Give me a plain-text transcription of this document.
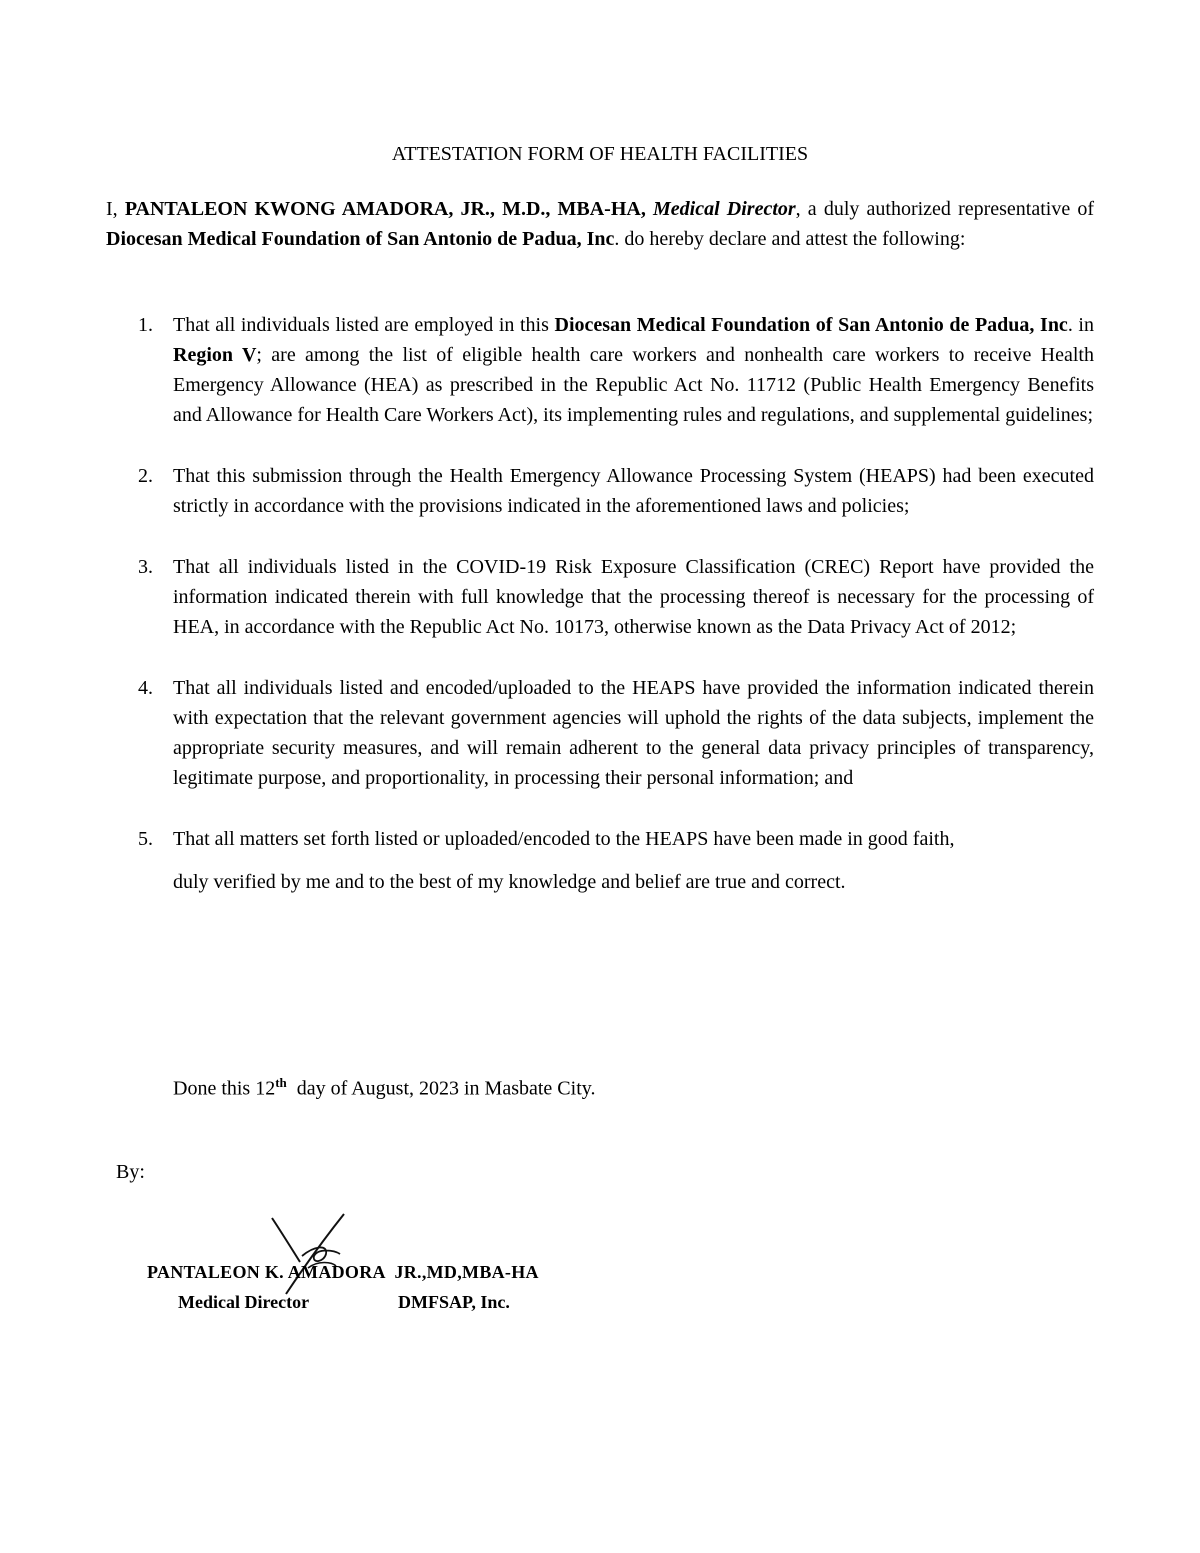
ATTESTATION FORM OF HEALTH FACILITIES

I, PANTALEON KWONG AMADORA, JR., M.D., MBA-HA, Medical Director, a duly authorized representative of Diocesan Medical Foundation of San Antonio de Padua, Inc. do hereby declare and attest the following:

1. That all individuals listed are employed in this Diocesan Medical Foundation of San Antonio de Padua, Inc. in Region V; are among the list of eligible health care workers and nonhealth care workers to receive Health Emergency Allowance (HEA) as prescribed in the Republic Act No. 11712 (Public Health Emergency Benefits and Allowance for Health Care Workers Act), its implementing rules and regulations, and supplemental guidelines;
2. That this submission through the Health Emergency Allowance Processing System (HEAPS) had been executed strictly in accordance with the provisions indicated in the aforementioned laws and policies;
3. That all individuals listed in the COVID-19 Risk Exposure Classification (CREC) Report have provided the information indicated therein with full knowledge that the processing thereof is necessary for the processing of HEA, in accordance with the Republic Act No. 10173, otherwise known as the Data Privacy Act of 2012;
4. That all individuals listed and encoded/uploaded to the HEAPS have provided the information indicated therein with expectation that the relevant government agencies will uphold the rights of the data subjects, implement the appropriate security measures, and will remain adherent to the general data privacy principles of transparency, legitimate purpose, and proportionality, in processing their personal information; and
5. That all matters set forth listed or uploaded/encoded to the HEAPS have been made in good faith,
duly verified by me and to the best of my knowledge and belief are true and correct.
Done this 12th  day of August, 2023 in Masbate City.
By:
PANTALEON K. AMADORA  JR.,MD,MBA-HA
Medical Director	DMFSAP, Inc.
